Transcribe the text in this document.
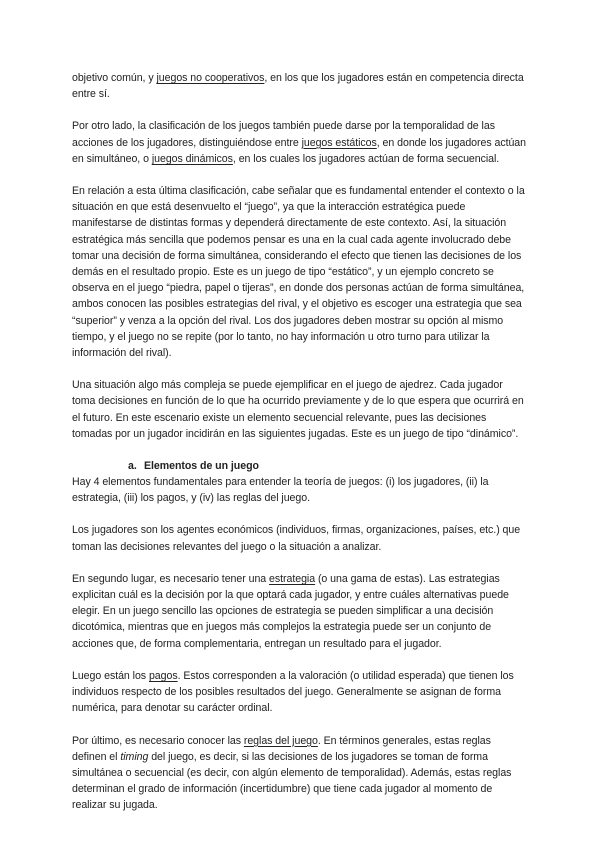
objetivo común, y juegos no cooperativos, en los que los jugadores están en competencia directa entre sí.

Por otro lado, la clasificación de los juegos también puede darse por la temporalidad de las acciones de los jugadores, distinguiéndose entre juegos estáticos, en donde los jugadores actúan en simultáneo, o juegos dinámicos, en los cuales los jugadores actúan de forma secuencial.

En relación a esta última clasificación, cabe señalar que es fundamental entender el contexto o la situación en que está desenvuelto el “juego”, ya que la interacción estratégica puede manifestarse de distintas formas y dependerá directamente de este contexto. Así, la situación estratégica más sencilla que podemos pensar es una en la cual cada agente involucrado debe tomar una decisión de forma simultánea, considerando el efecto que tienen las decisiones de los demás en el resultado propio. Este es un juego de tipo “estático”, y un ejemplo concreto se observa en el juego “piedra, papel o tijeras”, en donde dos personas actúan de forma simultánea, ambos conocen las posibles estrategias del rival, y el objetivo es escoger una estrategia que sea “superior” y venza a la opción del rival. Los dos jugadores deben mostrar su opción al mismo tiempo, y el juego no se repite (por lo tanto, no hay información u otro turno para utilizar la información del rival).

Una situación algo más compleja se puede ejemplificar en el juego de ajedrez. Cada jugador toma decisiones en función de lo que ha ocurrido previamente y de lo que espera que ocurrirá en el futuro. En este escenario existe un elemento secuencial relevante, pues las decisiones tomadas por un jugador incidirán en las siguientes jugadas. Este es un juego de tipo “dinámico”.

a. Elementos de un juego

Hay 4 elementos fundamentales para entender la teoría de juegos: (i) los jugadores, (ii) la estrategia, (iii) los pagos, y (iv) las reglas del juego.

Los jugadores son los agentes económicos (individuos, firmas, organizaciones, países, etc.) que toman las decisiones relevantes del juego o la situación a analizar.

En segundo lugar, es necesario tener una estrategia (o una gama de estas). Las estrategias explicitan cuál es la decisión por la que optará cada jugador, y entre cuáles alternativas puede elegir. En un juego sencillo las opciones de estrategia se pueden simplificar a una decisión dicotómica, mientras que en juegos más complejos la estrategia puede ser un conjunto de acciones que, de forma complementaria, entregan un resultado para el jugador.

Luego están los pagos. Estos corresponden a la valoración (o utilidad esperada) que tienen los individuos respecto de los posibles resultados del juego. Generalmente se asignan de forma numérica, para denotar su carácter ordinal.

Por último, es necesario conocer las reglas del juego. En términos generales, estas reglas definen el timing del juego, es decir, si las decisiones de los jugadores se toman de forma simultánea o secuencial (es decir, con algún elemento de temporalidad). Además, estas reglas determinan el grado de información (incertidumbre) que tiene cada jugador al momento de realizar su jugada.
